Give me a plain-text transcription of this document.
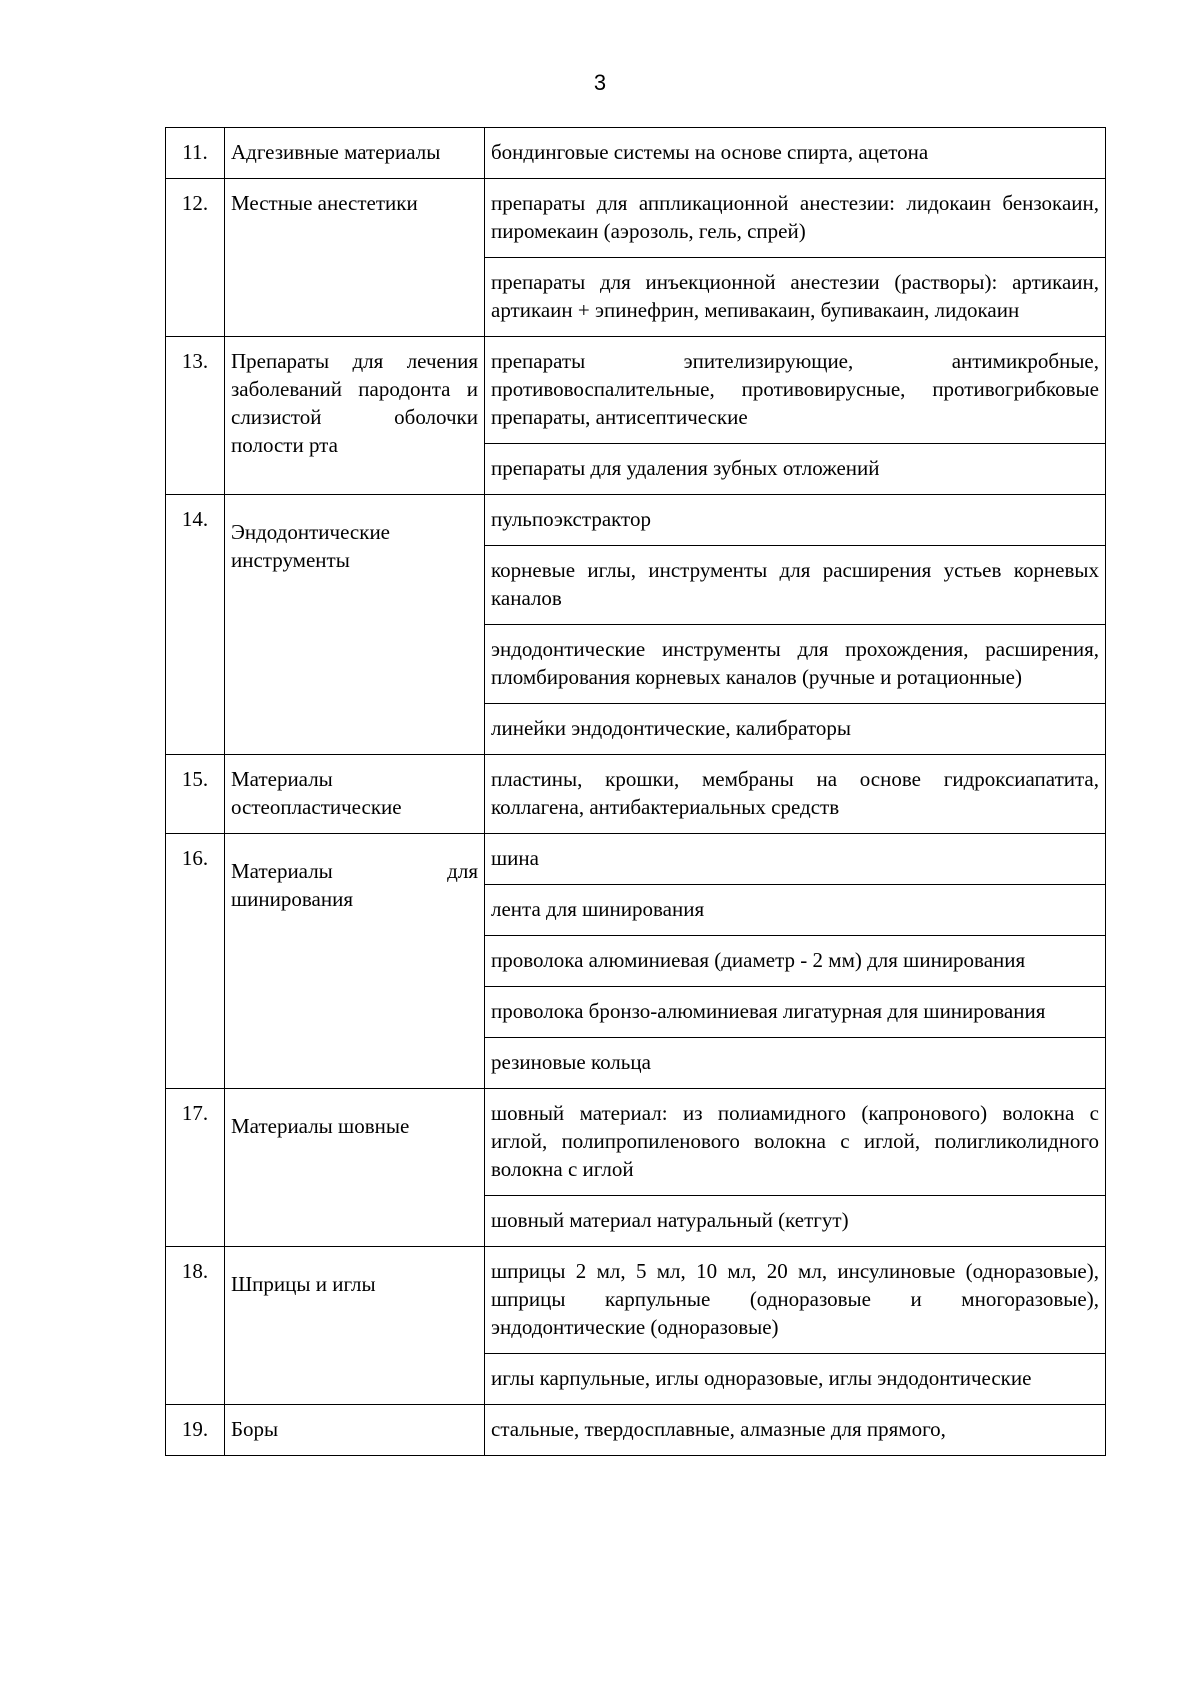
3
11.	Адгезивные материалы	бондинговые системы на основе спирта, ацетона
12.	Местные анестетики	препараты для аппликационной анестезии: лидокаин бензокаин, пиромекаин (аэрозоль, гель, спрей)
		препараты для инъекционной анестезии (растворы): артикаин, артикаин + эпинефрин, мепивакаин, бупивакаин, лидокаин
13.	Препараты для лечения заболеваний пародонта и слизистой оболочки полости рта	препараты эпителизирующие, антимикробные, противовоспалительные, противовирусные, противогрибковые препараты, антисептические
		препараты для удаления зубных отложений
14.	Эндодонтические инструменты	пульпоэкстрактор
		корневые иглы, инструменты для расширения устьев корневых каналов
		эндодонтические инструменты для прохождения, расширения, пломбирования корневых каналов (ручные и ротационные)
		линейки эндодонтические, калибраторы
15.	Материалы остеопластические	пластины, крошки, мембраны на основе гидроксиапатита, коллагена, антибактериальных средств
16.	Материалы для шинирования	шина
		лента для шинирования
		проволока алюминиевая (диаметр - 2 мм) для шинирования
		проволока бронзо-алюминиевая лигатурная для шинирования
		резиновые кольца
17.	Материалы шовные	шовный материал: из полиамидного (капронового) волокна с иглой, полипропиленового волокна с иглой, полигликолидного волокна с иглой
		шовный материал натуральный (кетгут)
18.	Шприцы и иглы	шприцы 2 мл, 5 мл, 10 мл, 20 мл, инсулиновые (одноразовые), шприцы карпульные (одноразовые и многоразовые), эндодонтические (одноразовые)
		иглы карпульные, иглы одноразовые, иглы эндодонтические
19.	Боры	стальные, твердосплавные, алмазные для прямого,
